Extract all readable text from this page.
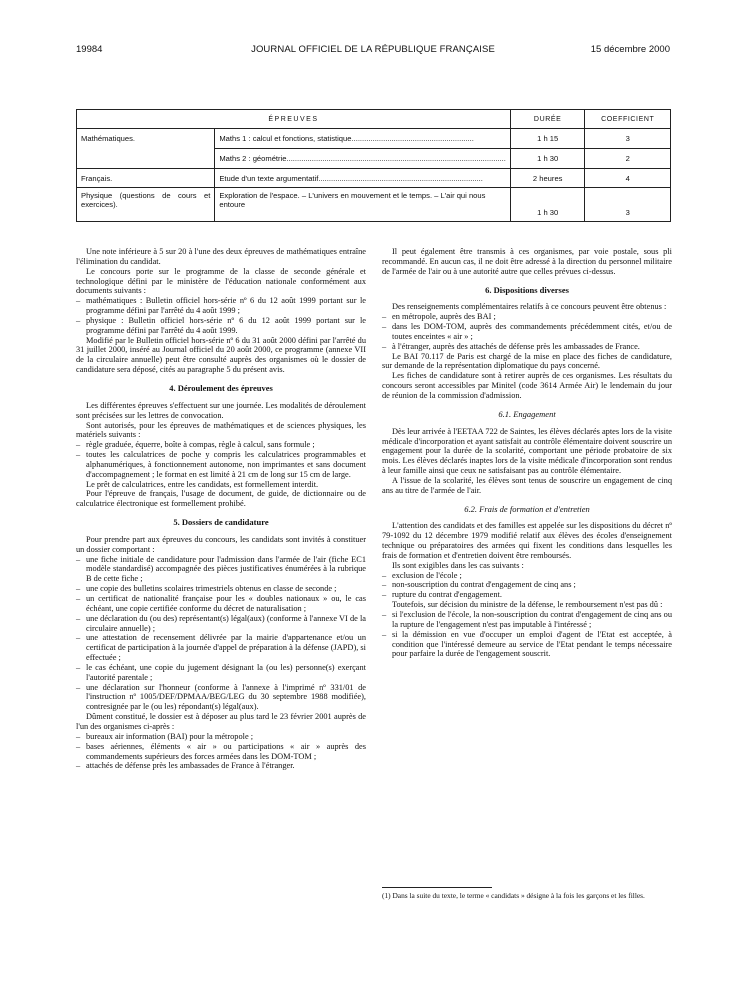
19984	JOURNAL OFFICIEL DE LA RÉPUBLIQUE FRANÇAISE	15 décembre 2000
ÉPREUVES		DURÉE	COEFFICIENT
Mathématiques.	Maths 1 : calcul et fonctions, statistique..........................................................	1 h 15	3
	Maths 2 : géométrie........................................................................................................	1 h 30	2
Français.	Etude d'un texte argumentatif..............................................................................	2 heures	4
Physique (questions de cours et exercices).	Exploration de l'espace. – L'univers en mouvement et le temps. – L'air qui nous entoure	1 h 30	3

Une note inférieure à 5 sur 20 à l'une des deux épreuves de mathématiques entraîne l'élimination du candidat.

Le concours porte sur le programme de la classe de seconde générale et technologique défini par le ministère de l'éducation nationale conformément aux documents suivants :

– mathématiques : Bulletin officiel hors-série nº 6 du 12 août 1999 portant sur le programme défini par l'arrêté du 4 août 1999 ;
– physique : Bulletin officiel hors-série nº 6 du 12 août 1999 portant sur le programme défini par l'arrêté du 4 août 1999.

Modifié par le Bulletin officiel hors-série nº 6 du 31 août 2000 défini par l'arrêté du 31 juillet 2000, inséré au Journal officiel du 20 août 2000, ce programme (annexe VII de la circulaire annuelle) peut être consulté auprès des organismes où le dossier de candidature sera déposé, cités au paragraphe 5 du présent avis.

4. Déroulement des épreuves

Les différentes épreuves s'effectuent sur une journée. Les modalités de déroulement sont précisées sur les lettres de convocation.

Sont autorisés, pour les épreuves de mathématiques et de sciences physiques, les matériels suivants :

– règle graduée, équerre, boîte à compas, règle à calcul, sans formule ;
– toutes les calculatrices de poche y compris les calculatrices programmables et alphanumériques, à fonctionnement autonome, non imprimantes et sans document d'accompagnement ; le format en est limité à 21 cm de long sur 15 cm de large.

Le prêt de calculatrices, entre les candidats, est formellement interdit.

Pour l'épreuve de français, l'usage de document, de guide, de dictionnaire ou de calculatrice électronique est formellement prohibé.

5. Dossiers de candidature

Pour prendre part aux épreuves du concours, les candidats sont invités à constituer un dossier comportant :

– une fiche initiale de candidature pour l'admission dans l'armée de l'air (fiche EC1 modèle standardisé) accompagnée des pièces justificatives énumérées à la rubrique B de cette fiche ;
– une copie des bulletins scolaires trimestriels obtenus en classe de seconde ;
– un certificat de nationalité française pour les « doubles nationaux » ou, le cas échéant, une copie certifiée conforme du décret de naturalisation ;
– une déclaration du (ou des) représentant(s) légal(aux) (conforme à l'annexe VI de la circulaire annuelle) ;
– une attestation de recensement délivrée par la mairie d'appartenance et/ou un certificat de participation à la journée d'appel de préparation à la défense (JAPD), si effectuée ;
– le cas échéant, une copie du jugement désignant la (ou les) personne(s) exerçant l'autorité parentale ;
– une déclaration sur l'honneur (conforme à l'annexe à l'imprimé nº 331/01 de l'instruction nº 1005/DEF/DPMAA/BEG/LEG du 30 septembre 1988 modifiée), contresignée par le (ou les) répondant(s) légal(aux).

Dûment constitué, le dossier est à déposer au plus tard le 23 février 2001 auprès de l'un des organismes ci-après :

– bureaux air information (BAI) pour la métropole ;
– bases aériennes, éléments « air » ou participations « air » auprès des commandements supérieurs des forces armées dans les DOM-TOM ;
– attachés de défense près les ambassades de France à l'étranger.

Il peut également être transmis à ces organismes, par voie postale, sous pli recommandé. En aucun cas, il ne doit être adressé à la direction du personnel militaire de l'armée de l'air ou à une autorité autre que celles prévues ci-dessus.

6. Dispositions diverses

Des renseignements complémentaires relatifs à ce concours peuvent être obtenus :

– en métropole, auprès des BAI ;
– dans les DOM-TOM, auprès des commandements précédemment cités, et/ou de toutes enceintes « air » ;
– à l'étranger, auprès des attachés de défense près les ambassades de France.

Le BAI 70.117 de Paris est chargé de la mise en place des fiches de candidature, sur demande de la représentation diplomatique du pays concerné.

Les fiches de candidature sont à retirer auprès de ces organismes. Les résultats du concours seront accessibles par Minitel (code 3614 Armée Air) le lendemain du jour de réunion de la commission d'admission.

6.1. Engagement

Dès leur arrivée à l'EETAA 722 de Saintes, les élèves déclarés aptes lors de la visite médicale d'incorporation et ayant satisfait au contrôle élémentaire doivent souscrire un engagement pour la durée de la scolarité, comportant une période probatoire de six mois. Les élèves déclarés inaptes lors de la visite médicale d'incorporation sont rendus à leur famille ainsi que ceux ne satisfaisant pas au contrôle élémentaire.

A l'issue de la scolarité, les élèves sont tenus de souscrire un engagement de cinq ans au titre de l'armée de l'air.

6.2. Frais de formation et d'entretien

L'attention des candidats et des familles est appelée sur les dispositions du décret nº 79-1092 du 12 décembre 1979 modifié relatif aux élèves des écoles d'enseignement technique ou préparatoires des armées qui fixent les conditions dans lesquelles les frais de formation et d'entretien doivent être remboursés.

Ils sont exigibles dans les cas suivants :

– exclusion de l'école ;
– non-souscription du contrat d'engagement de cinq ans ;
– rupture du contrat d'engagement.

Toutefois, sur décision du ministre de la défense, le remboursement n'est pas dû :

– si l'exclusion de l'école, la non-souscription du contrat d'engagement de cinq ans ou la rupture de l'engagement n'est pas imputable à l'intéressé ;
– si la démission en vue d'occuper un emploi d'agent de l'Etat est acceptée, à condition que l'intéressé demeure au service de l'Etat pendant le temps nécessaire pour parfaire la durée de l'engagement souscrit.
(1) Dans la suite du texte, le terme « candidats » désigne à la fois les garçons et les filles.
